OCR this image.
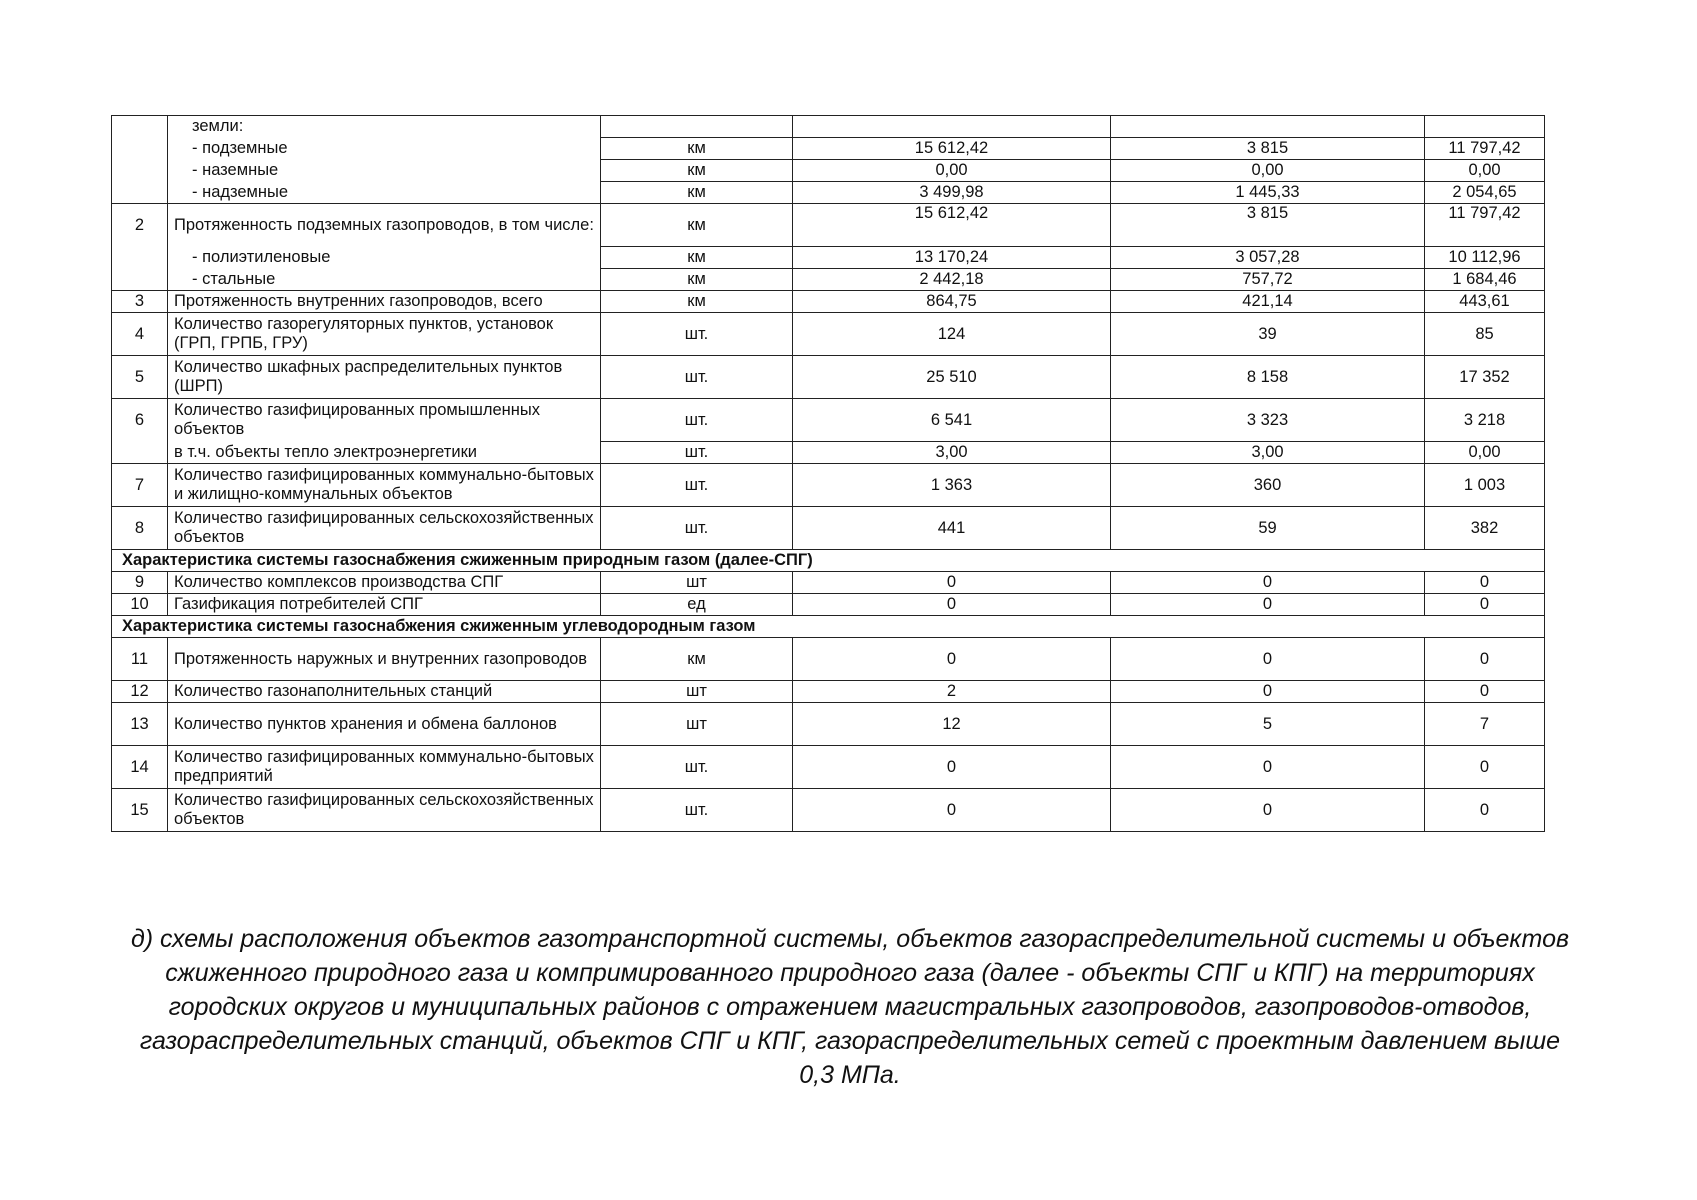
	земли:				
	- подземные	км	15 612,42	3 815	11 797,42
	- наземные	км	0,00	0,00	0,00
	- надземные	км	3 499,98	1 445,33	2 054,65
2	Протяженность подземных газопроводов, в том числе:	км	15 612,42	3 815	11 797,42
	- полиэтиленовые	км	13 170,24	3 057,28	10 112,96
	- стальные	км	2 442,18	757,72	1 684,46
3	Протяженность внутренних газопроводов, всего	км	864,75	421,14	443,61
4	Количество газорегуляторных пунктов, установок (ГРП, ГРПБ, ГРУ)	шт.	124	39	85
5	Количество шкафных распределительных пунктов (ШРП)	шт.	25 510	8 158	17 352
6	Количество газифицированных промышленных объектов	шт.	6 541	3 323	3 218
	в т.ч. объекты тепло электроэнергетики	шт.	3,00	3,00	0,00
7	Количество газифицированных коммунально-бытовых и жилищно-коммунальных объектов	шт.	1 363	360	1 003
8	Количество газифицированных сельскохозяйственных объектов	шт.	441	59	382
Характеристика системы газоснабжения сжиженным природным газом (далее-СПГ)					
9	Количество комплексов производства СПГ	шт	0	0	0
10	Газификация потребителей СПГ	ед	0	0	0
Характеристика системы газоснабжения сжиженным углеводородным газом					
11	Протяженность наружных и внутренних газопроводов	км	0	0	0
12	Количество газонаполнительных станций	шт	2	0	0
13	Количество пунктов хранения и обмена баллонов	шт	12	5	7
14	Количество газифицированных коммунально-бытовых предприятий	шт.	0	0	0
15	Количество газифицированных сельскохозяйственных объектов	шт.	0	0	0

д) схемы расположения объектов газотранспортной системы, объектов газораспределительной системы и объектов сжиженного природного газа и компримированного природного газа (далее - объекты СПГ и КПГ) на территориях городских округов и муниципальных районов с отражением магистральных газопроводов, газопроводов-отводов, газораспределительных станций, объектов СПГ и КПГ, газораспределительных сетей с проектным давлением выше 0,3 МПа.
